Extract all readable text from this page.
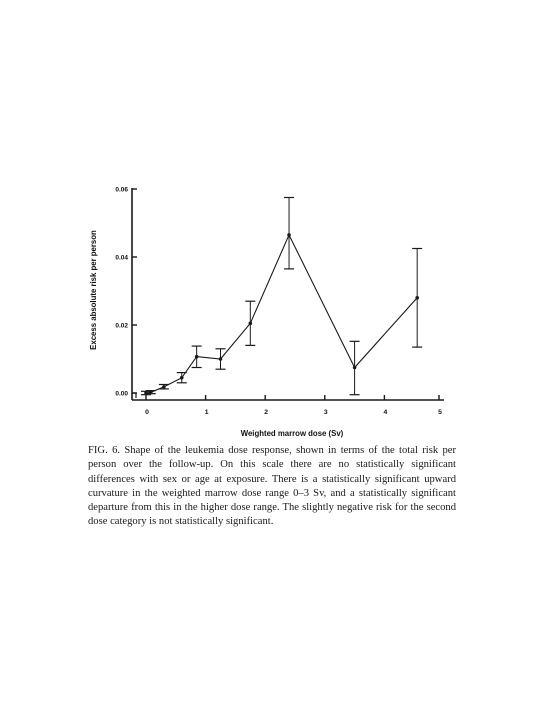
0.00
0.02
0.04
0.06
0	1	2	3	4	5
Weighted marrow dose (Sv)
Excess absolute risk per person

FIG. 6. Shape of the leukemia dose response, shown in terms of the total risk per person over the follow-up. On this scale there are no statistically significant differences with sex or age at exposure. There is a statistically significant upward curvature in the weighted marrow dose range 0–3 Sv, and a statistically significant departure from this in the higher dose range. The slightly negative risk for the second dose category is not statistically significant.
